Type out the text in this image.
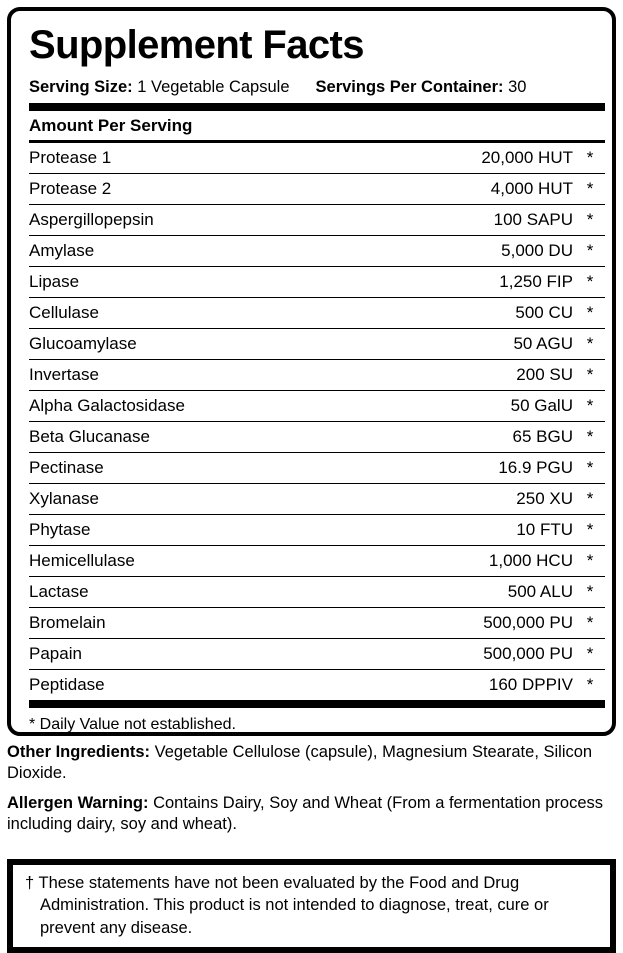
Supplement Facts
Serving Size: 1 Vegetable Capsule Servings Per Container: 30
Amount Per Serving
Protease 1	20,000 HUT *
Protease 2	4,000 HUT *
Aspergillopepsin	100 SAPU *
Amylase	5,000 DU *
Lipase	1,250 FIP *
Cellulase	500 CU *
Glucoamylase	50 AGU *
Invertase	200 SU *
Alpha Galactosidase	50 GalU *
Beta Glucanase	65 BGU *
Pectinase	16.9 PGU *
Xylanase	250 XU *
Phytase	10 FTU *
Hemicellulase	1,000 HCU *
Lactase	500 ALU *
Bromelain	500,000 PU *
Papain	500,000 PU *
Peptidase	160 DPPIV *
* Daily Value not established.
Other Ingredients: Vegetable Cellulose (capsule), Magnesium Stearate, Silicon Dioxide.
Allergen Warning: Contains Dairy, Soy and Wheat (From a fermentation process including dairy, soy and wheat).

† These statements have not been evaluated by the Food and Drug Administration. This product is not intended to diagnose, treat, cure or prevent any disease.
